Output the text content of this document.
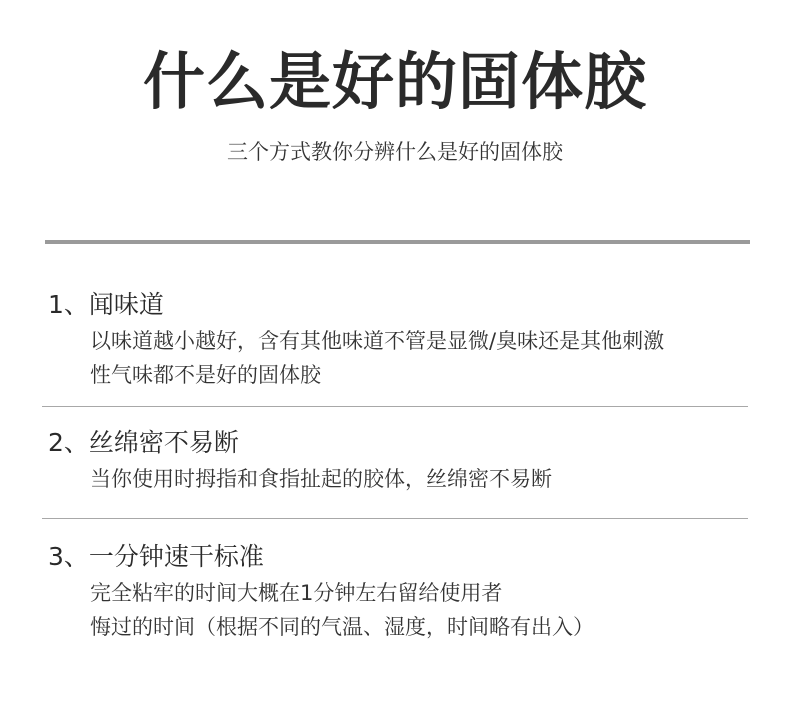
什么是好的固体胶
三个方式教你分辨什么是好的固体胶
1、闻味道
以味道越小越好，含有其他味道不管是显微/臭味还是其他刺激
性气味都不是好的固体胶
2、丝绵密不易断
当你使用时拇指和食指扯起的胶体，丝绵密不易断
3、一分钟速干标准
完全粘牢的时间大概在1分钟左右留给使用者
悔过的时间（根据不同的气温、湿度，时间略有出入）
